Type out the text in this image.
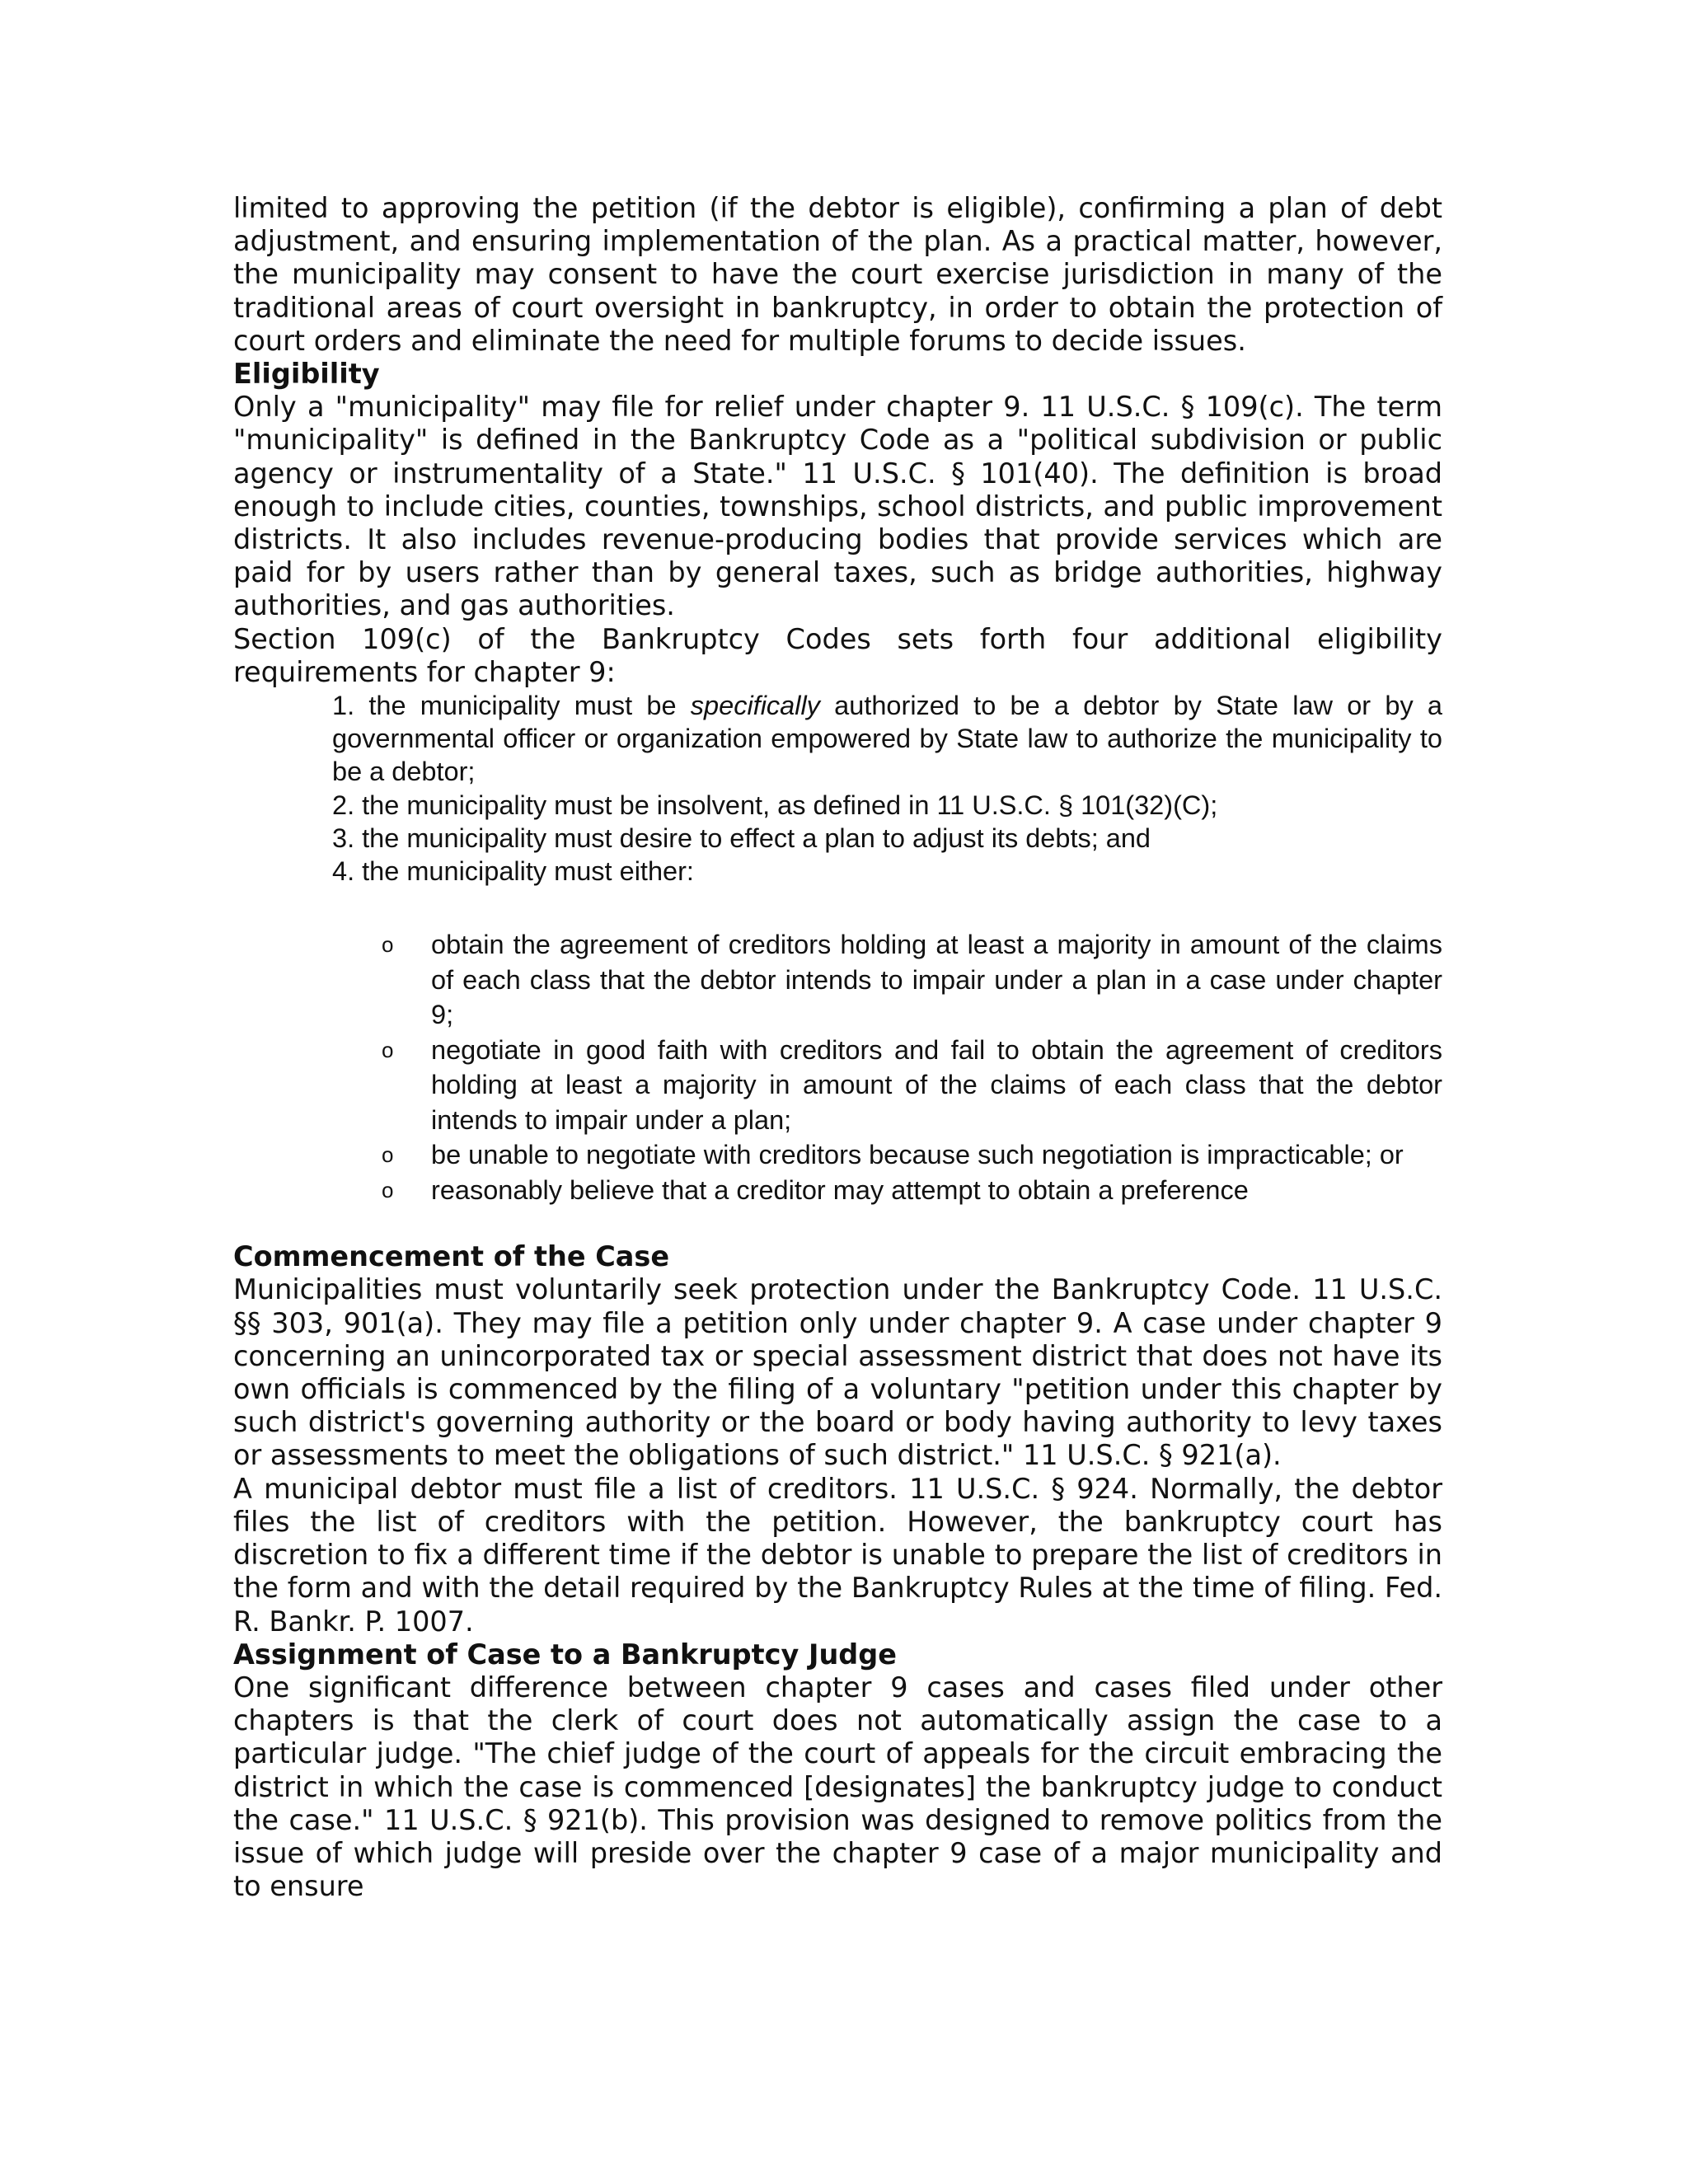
limited to approving the petition (if the debtor is eligible), confirming a plan of debt adjustment, and ensuring implementation of the plan. As a practical matter, however, the municipality may consent to have the court exercise jurisdiction in many of the traditional areas of court oversight in bankruptcy, in order to obtain the protection of court orders and eliminate the need for multiple forums to decide issues.

Eligibility

Only a "municipality" may file for relief under chapter 9. 11 U.S.C. § 109(c). The term "municipality" is defined in the Bankruptcy Code as a "political subdivision or public agency or instrumentality of a State." 11 U.S.C. § 101(40). The definition is broad enough to include cities, counties, townships, school districts, and public improvement districts. It also includes revenue-producing bodies that provide services which are paid for by users rather than by general taxes, such as bridge authorities, highway authorities, and gas authorities.

Section 109(c) of the Bankruptcy Codes sets forth four additional eligibility requirements for chapter 9:

1. the municipality must be specifically authorized to be a debtor by State law or by a governmental officer or organization empowered by State law to authorize the municipality to be a debtor;
2. the municipality must be insolvent, as defined in 11 U.S.C. § 101(32)(C);
3. the municipality must desire to effect a plan to adjust its debts; and
4. the municipality must either:
o obtain the agreement of creditors holding at least a majority in amount of the claims of each class that the debtor intends to impair under a plan in a case under chapter 9;
o negotiate in good faith with creditors and fail to obtain the agreement of creditors holding at least a majority in amount of the claims of each class that the debtor intends to impair under a plan;
o be unable to negotiate with creditors because such negotiation is impracticable; or
o reasonably believe that a creditor may attempt to obtain a preference
Commencement of the Case

Municipalities must voluntarily seek protection under the Bankruptcy Code. 11 U.S.C. §§ 303, 901(a). They may file a petition only under chapter 9. A case under chapter 9 concerning an unincorporated tax or special assessment district that does not have its own officials is commenced by the filing of a voluntary "petition under this chapter by such district's governing authority or the board or body having authority to levy taxes or assessments to meet the obligations of such district." 11 U.S.C. § 921(a).

A municipal debtor must file a list of creditors. 11 U.S.C. § 924. Normally, the debtor files the list of creditors with the petition. However, the bankruptcy court has discretion to fix a different time if the debtor is unable to prepare the list of creditors in the form and with the detail required by the Bankruptcy Rules at the time of filing. Fed. R. Bankr. P. 1007.

Assignment of Case to a Bankruptcy Judge

One significant difference between chapter 9 cases and cases filed under other chapters is that the clerk of court does not automatically assign the case to a particular judge. "The chief judge of the court of appeals for the circuit embracing the district in which the case is commenced [designates] the bankruptcy judge to conduct the case." 11 U.S.C. § 921(b). This provision was designed to remove politics from the issue of which judge will preside over the chapter 9 case of a major municipality and to ensure
